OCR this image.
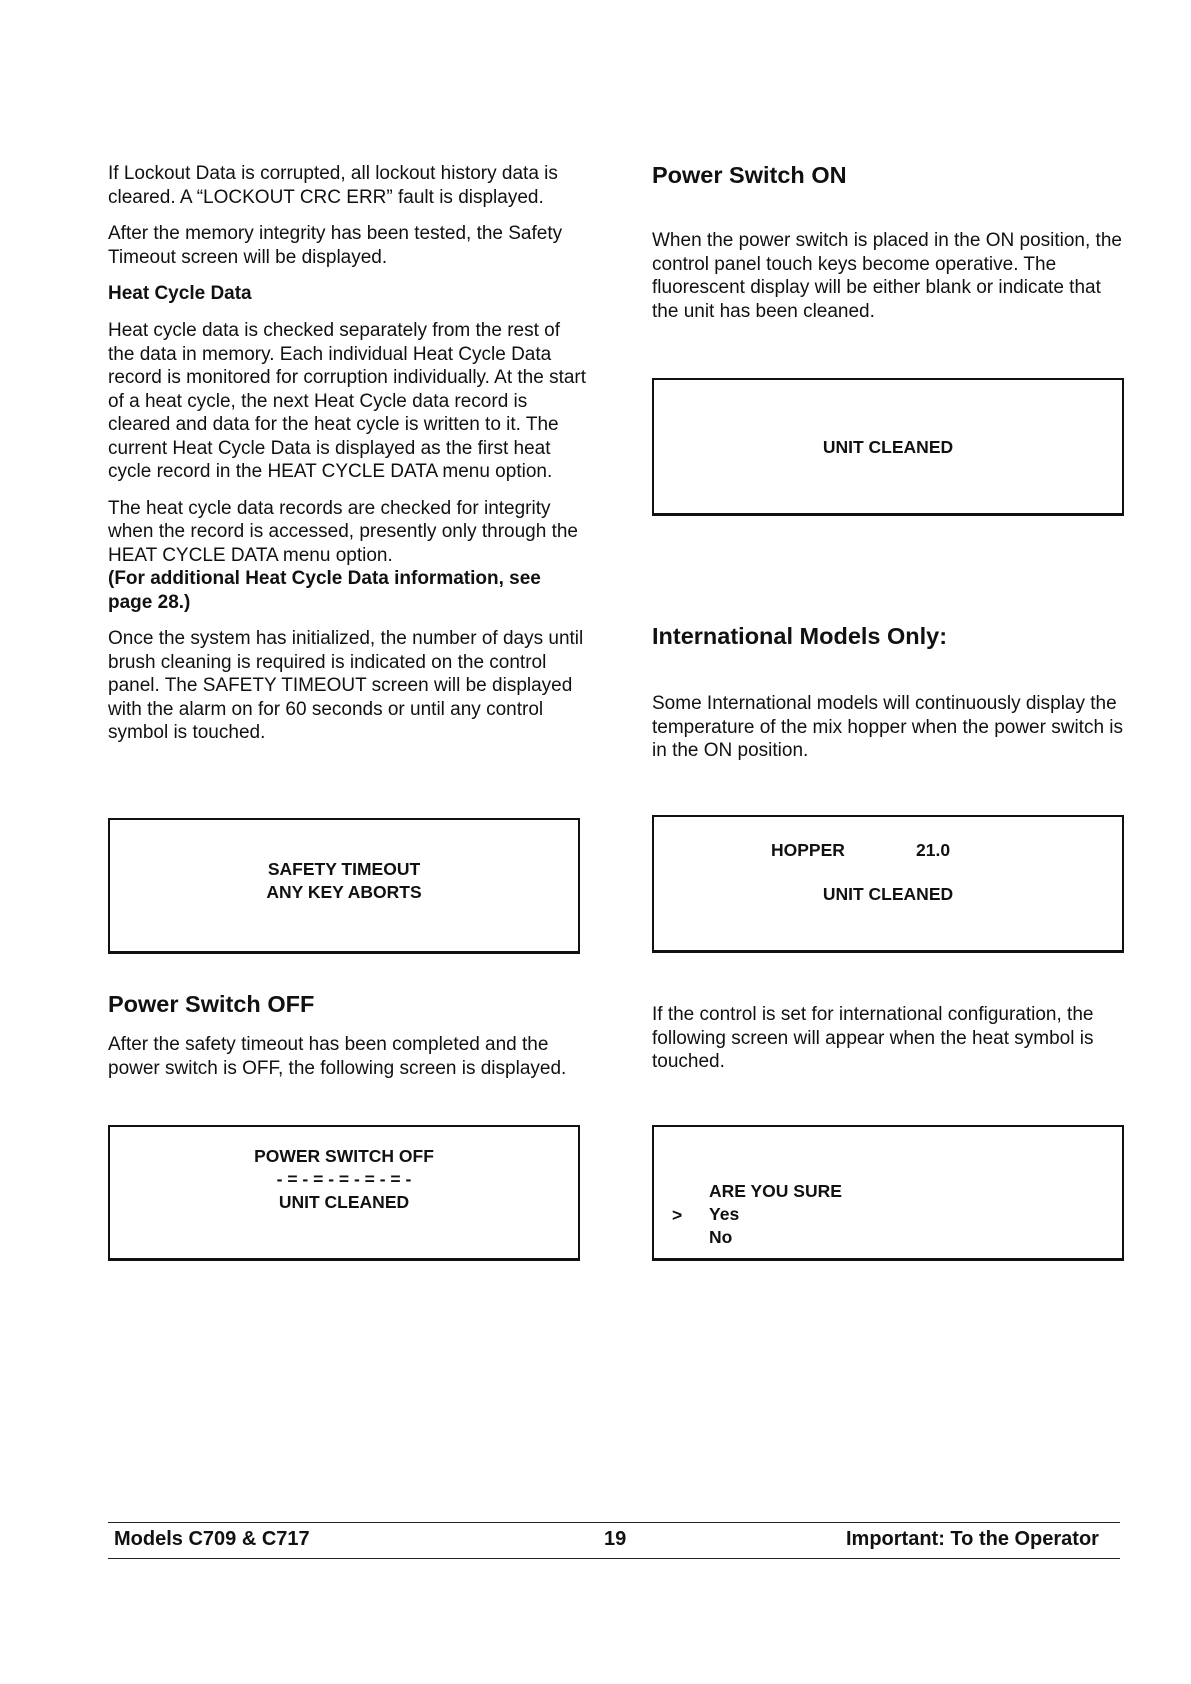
If Lockout Data is corrupted, all lockout history data is cleared. A “LOCKOUT CRC ERR” fault is displayed.

After the memory integrity has been tested, the Safety Timeout screen will be displayed.

Heat Cycle Data

Heat cycle data is checked separately from the rest of the data in memory. Each individual Heat Cycle Data record is monitored for corruption individually. At the start of a heat cycle, the next Heat Cycle data record is cleared and data for the heat cycle is written to it. The current Heat Cycle Data is displayed as the first heat cycle record in the HEAT CYCLE DATA menu option.

The heat cycle data records are checked for integrity when the record is accessed, presently only through the HEAT CYCLE DATA menu option.

(For additional Heat Cycle Data information, see page 28.)

Once the system has initialized, the number of days until brush cleaning is required is indicated on the control panel. The SAFETY TIMEOUT screen will be displayed with the alarm on for 60 seconds or until any control symbol is touched.

SAFETY TIMEOUT
ANY KEY ABORTS
Power Switch OFF

After the safety timeout has been completed and the power switch is OFF, the following screen is displayed.

POWER SWITCH OFF
- = - = - = - = - = -
UNIT CLEANED
Power Switch ON

When the power switch is placed in the ON position, the control panel touch keys become operative. The fluorescent display will be either blank or indicate that the unit has been cleaned.

UNIT CLEANED
International Models Only:

Some International models will continuously display the temperature of the mix hopper when the power switch is in the ON position.

HOPPER	21.0
UNIT CLEANED

If the control is set for international configuration, the following screen will appear when the heat symbol is touched.

ARE YOU SURE
> Yes
No
Models C709 & C717	19	Important: To the Operator
